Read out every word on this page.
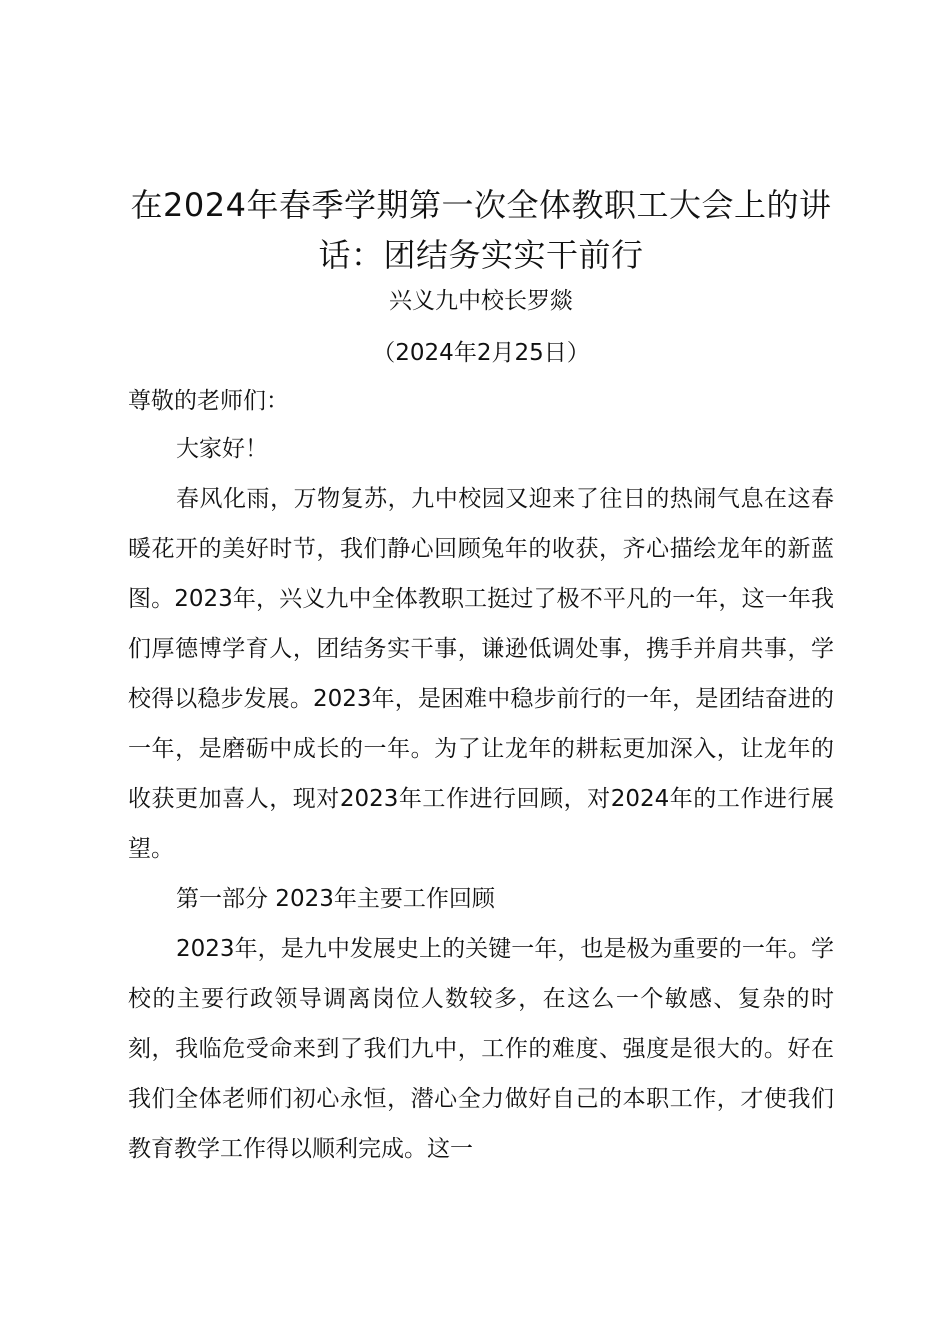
在2024年春季学期第一次全体教职工大会上的讲话：团结务实实干前行

兴义九中校长罗燚

（2024年2月25日）

尊敬的老师们：

大家好！

春风化雨，万物复苏，九中校园又迎来了往日的热闹气息在这春暖花开的美好时节，我们静心回顾兔年的收获，齐心描绘龙年的新蓝图。2023年，兴义九中全体教职工挺过了极不平凡的一年，这一年我们厚德博学育人，团结务实干事，谦逊低调处事，携手并肩共事，学校得以稳步发展。2023年，是困难中稳步前行的一年，是团结奋进的一年，是磨砺中成长的一年。为了让龙年的耕耘更加深入，让龙年的收获更加喜人，现对2023年工作进行回顾，对2024年的工作进行展望。

第一部分 2023年主要工作回顾

2023年，是九中发展史上的关键一年，也是极为重要的一年。学校的主要行政领导调离岗位人数较多，在这么一个敏感、复杂的时刻，我临危受命来到了我们九中，工作的难度、强度是很大的。好在我们全体老师们初心永恒，潜心全力做好自己的本职工作，才使我们教育教学工作得以顺利完成。这一
